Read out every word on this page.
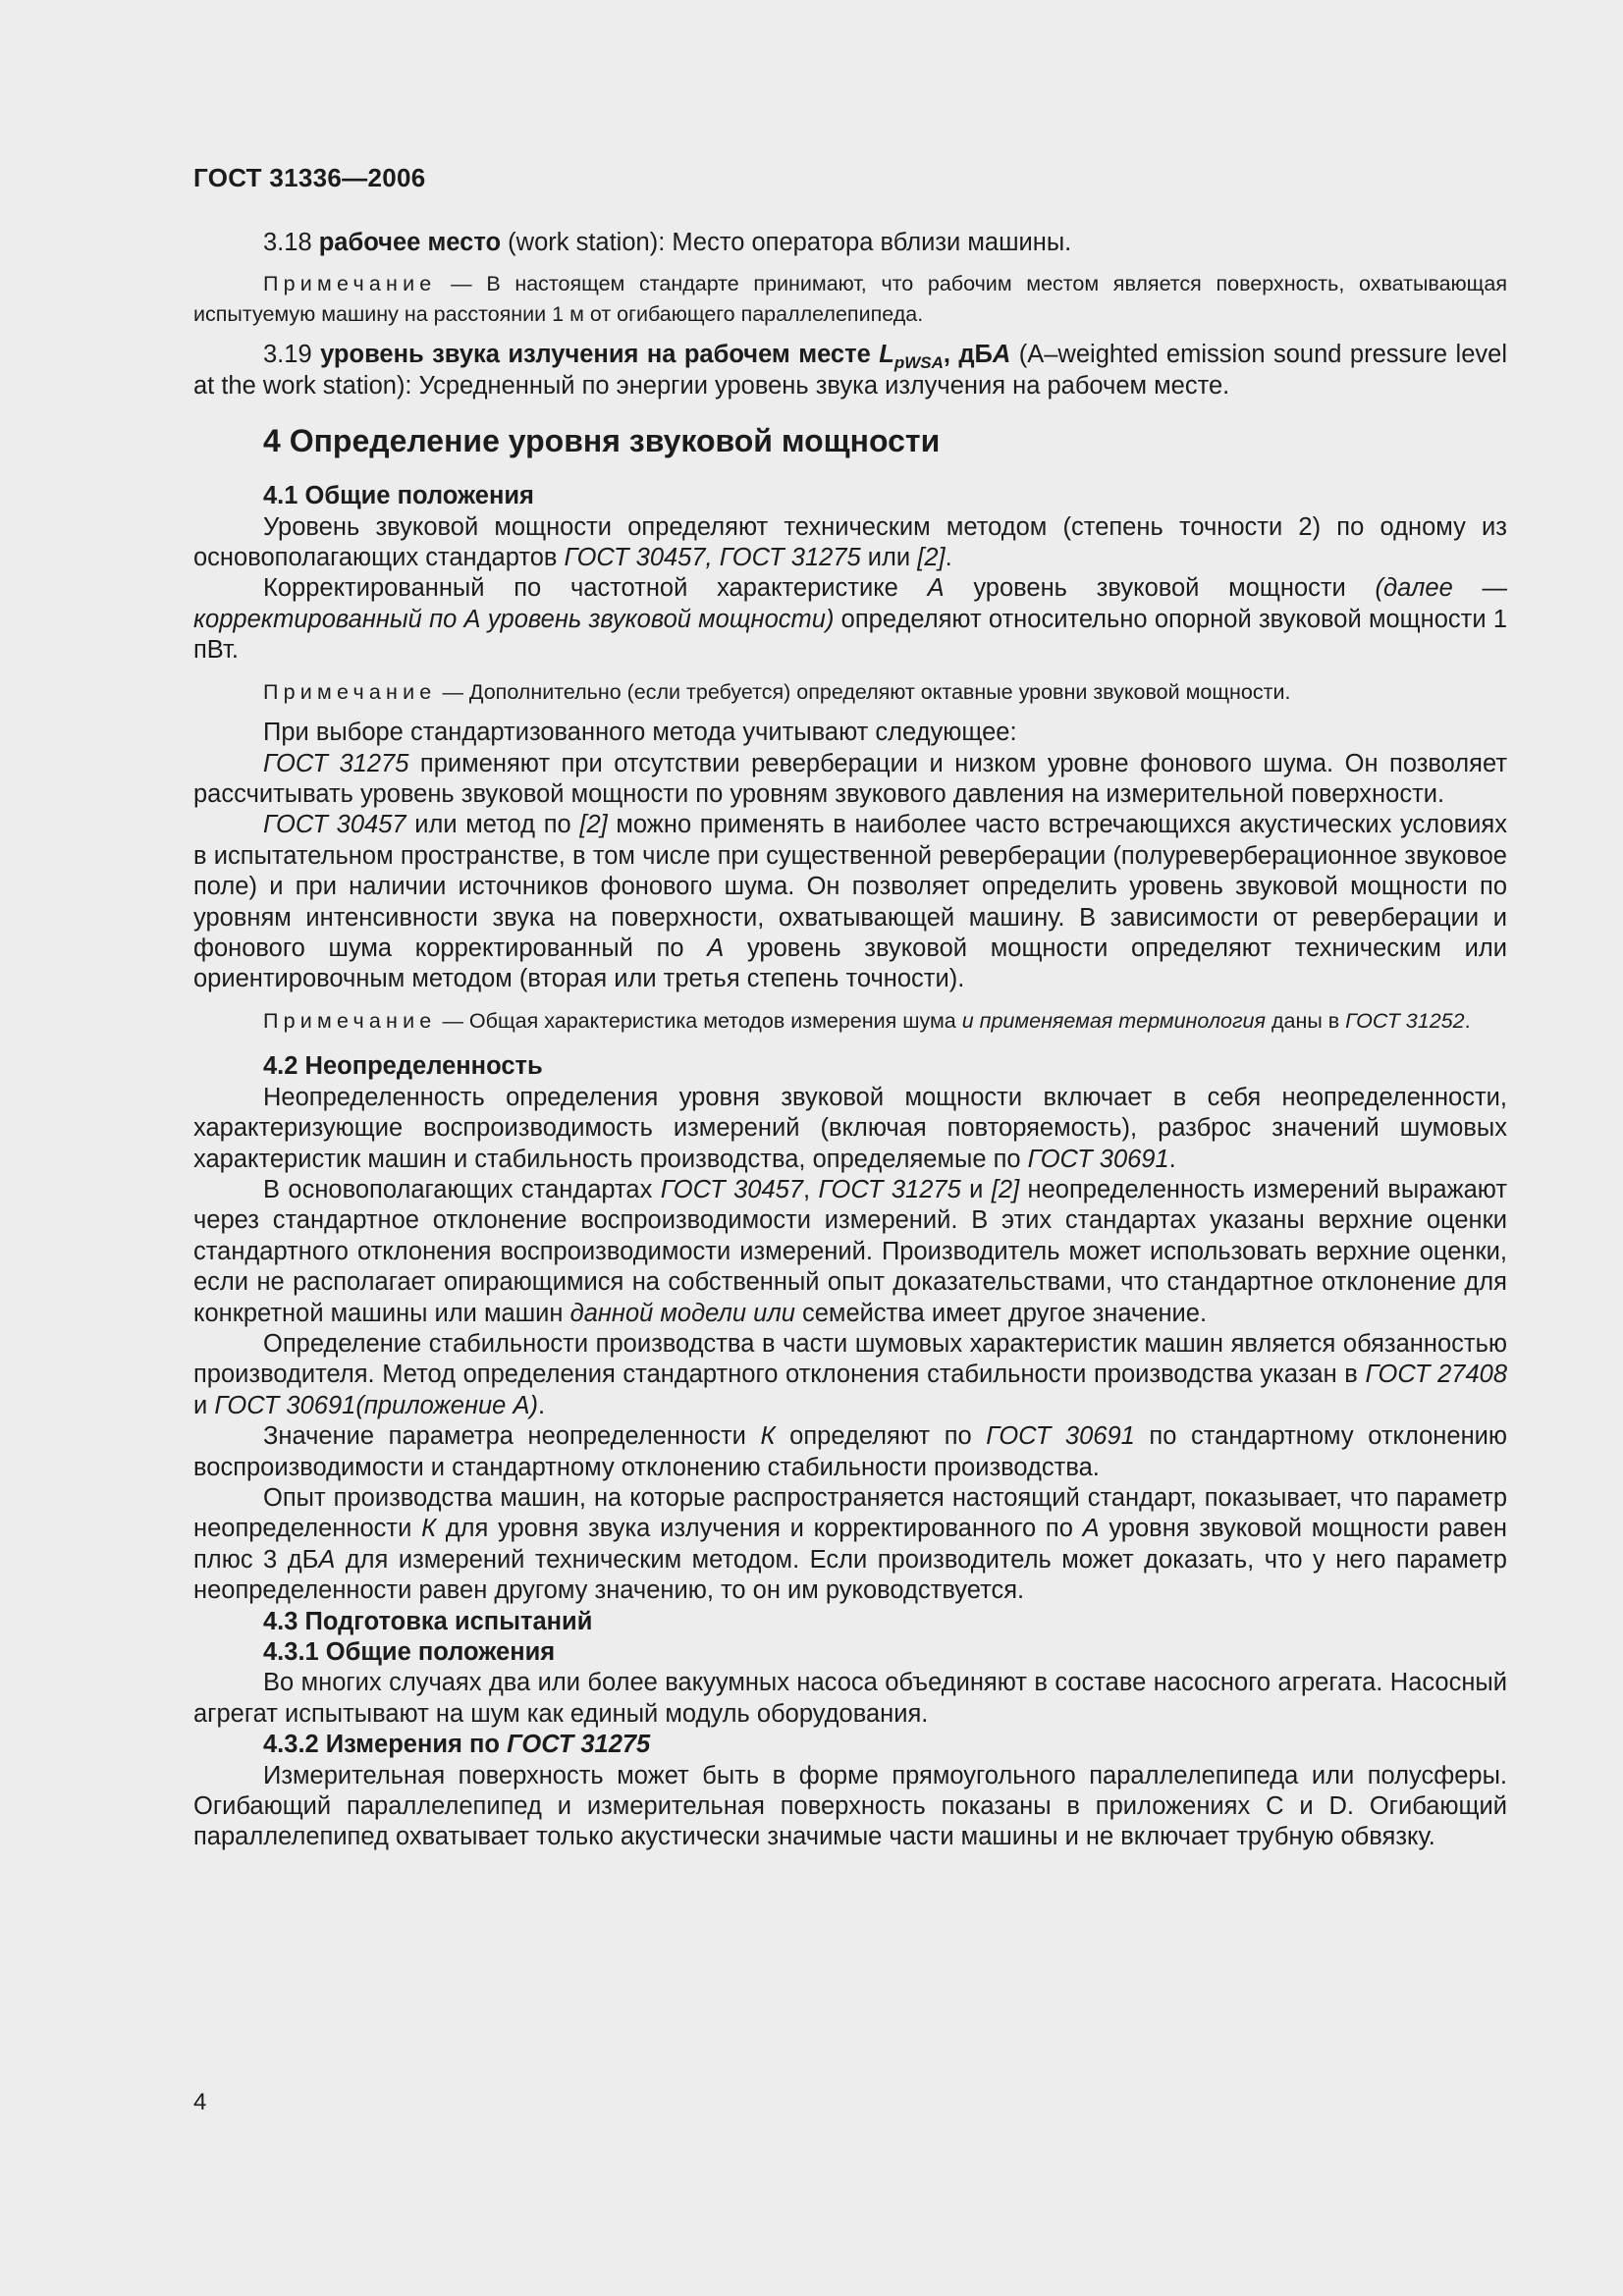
ГОСТ 31336—2006

3.18 рабочее место (work station): Место оператора вблизи машины.

Примечание — В настоящем стандарте принимают, что рабочим местом является поверхность, охватывающая испытуемую машину на расстоянии 1 м от огибающего параллелепипеда.

3.19 уровень звука излучения на рабочем месте $L_{pWSA}$, дБA (A–weighted emission sound pressure level at the work station): Усредненный по энергии уровень звука излучения на рабочем месте.

4 Определение уровня звуковой мощности
4.1 Общие положения

Уровень звуковой мощности определяют техническим методом (степень точности 2) по одному из основополагающих стандартов ГОСТ 30457, ГОСТ 31275 или [2].

Корректированный по частотной характеристике А уровень звуковой мощности (далее — корректированный по А уровень звуковой мощности) определяют относительно опорной звуковой мощности 1 пВт.

Примечание — Дополнительно (если требуется) определяют октавные уровни звуковой мощности.

При выборе стандартизованного метода учитывают следующее:

ГОСТ 31275 применяют при отсутствии реверберации и низком уровне фонового шума. Он позволяет рассчитывать уровень звуковой мощности по уровням звукового давления на измерительной поверхности.

ГОСТ 30457 или метод по [2] можно применять в наиболее часто встречающихся акустических условиях в испытательном пространстве, в том числе при существенной реверберации (полуреверберационное звуковое поле) и при наличии источников фонового шума. Он позволяет определить уровень звуковой мощности по уровням интенсивности звука на поверхности, охватывающей машину. В зависимости от реверберации и фонового шума корректированный по А уровень звуковой мощности определяют техническим или ориентировочным методом (вторая или третья степень точности).

Примечание — Общая характеристика методов измерения шума и применяемая терминология даны в ГОСТ 31252.

4.2 Неопределенность

Неопределенность определения уровня звуковой мощности включает в себя неопределенности, характеризующие воспроизводимость измерений (включая повторяемость), разброс значений шумовых характеристик машин и стабильность производства, определяемые по ГОСТ 30691.

В основополагающих стандартах ГОСТ 30457, ГОСТ 31275 и [2] неопределенность измерений выражают через стандартное отклонение воспроизводимости измерений. В этих стандартах указаны верхние оценки стандартного отклонения воспроизводимости измерений. Производитель может использовать верхние оценки, если не располагает опирающимися на собственный опыт доказательствами, что стандартное отклонение для конкретной машины или машин данной модели или семейства имеет другое значение.

Определение стабильности производства в части шумовых характеристик машин является обязанностью производителя. Метод определения стандартного отклонения стабильности производства указан в ГОСТ 27408 и ГОСТ 30691(приложение А).

Значение параметра неопределенности К определяют по ГОСТ 30691 по стандартному отклонению воспроизводимости и стандартному отклонению стабильности производства.

Опыт производства машин, на которые распространяется настоящий стандарт, показывает, что параметр неопределенности К для уровня звука излучения и корректированного по А уровня звуковой мощности равен плюс 3 дБА для измерений техническим методом. Если производитель может доказать, что у него параметр неопределенности равен другому значению, то он им руководствуется.

4.3 Подготовка испытаний
4.3.1 Общие положения

Во многих случаях два или более вакуумных насоса объединяют в составе насосного агрегата. Насосный агрегат испытывают на шум как единый модуль оборудования.

4.3.2 Измерения по ГОСТ 31275

Измерительная поверхность может быть в форме прямоугольного параллелепипеда или полусферы. Огибающий параллелепипед и измерительная поверхность показаны в приложениях С и D. Огибающий параллелепипед охватывает только акустически значимые части машины и не включает трубную обвязку.

4
